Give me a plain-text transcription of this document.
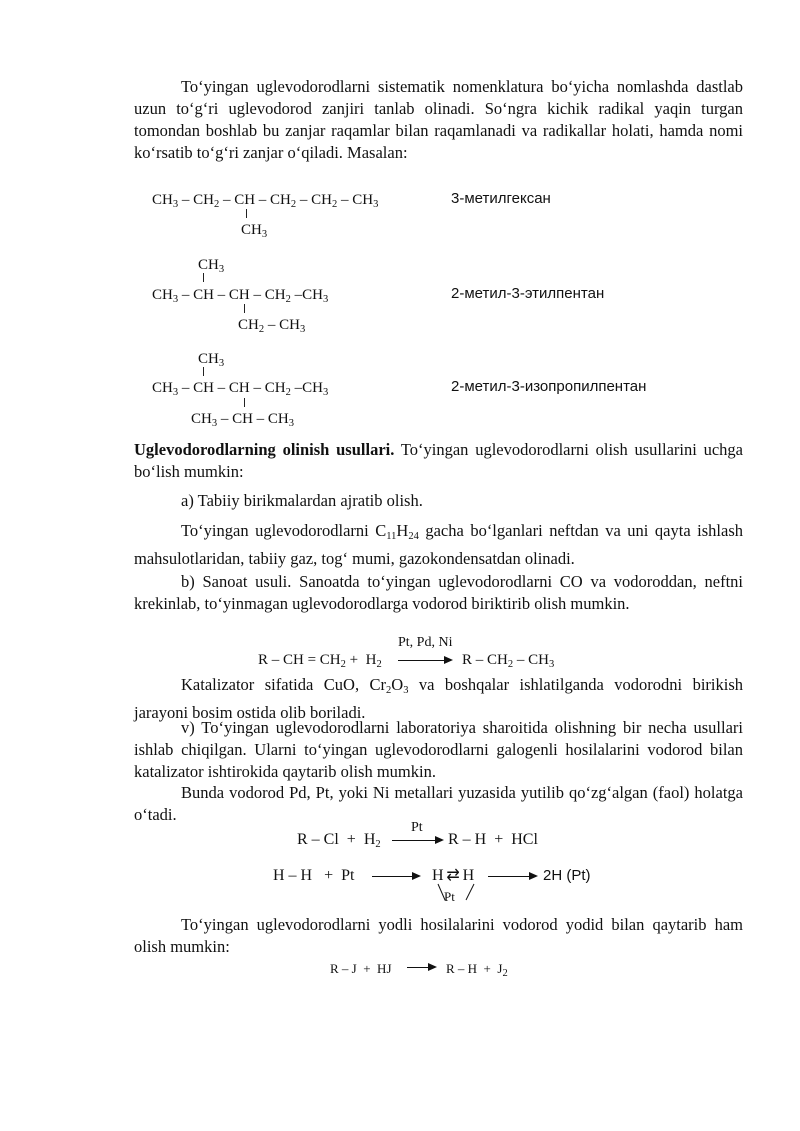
To‘yingan uglevodorodlarni sistematik nomenklatura bo‘yicha nomlashda dastlab uzun to‘g‘ri uglevodorod zanjiri tanlab olinadi. So‘ngra kichik radikal yaqin turgan tomondan boshlab bu zanjar raqamlar bilan raqamlanadi va radikallar holati, hamda nomi ko‘rsatib to‘g‘ri zanjar o‘qiladi. Masalan:
$CH_3 - CH_2$ – CH – $CH_2 - CH_2 - CH_3$
$CH_3$
3-метилгексан
$CH_3$
$CH_3$ – CH – CH – $CH_2$ $-CH_3$
$CH_2 - CH_3$
2-метил-3-этилпентан
$CH_3$
$CH_3$ – CH – CH – $CH_2$ $-CH_3$
$CH_3$ – CH – $CH_3$
2-метил-3-изопропилпентан
Uglevodorodlarning olinish usullari. To‘yingan uglevodorodlarni olish usullarini uchga bo‘lish mumkin:
a) Tabiiy birikmalardan ajratib olish.
To‘yingan uglevodorodlarni $C_{11}H_{24}$ gacha bo‘lganlari neftdan va uni qayta ishlash mahsulotlaridan, tabiiy gaz, tog‘ mumi, gazokondensatdan olinadi.
b) Sanoat usuli. Sanoatda to‘yingan uglevodorodlarni CO va vodoroddan, neftni krekinlab, to‘yinmagan uglevodorodlarga vodorod biriktirib olish mumkin.
R – CH = $CH_2 + H_2$
Pt, Pd, Ni
→ R – $CH_2 - CH_3$
Katalizator sifatida CuO, $Cr_2O_3$ va boshqalar ishlatilganda vodorodni birikish jarayoni bosim ostida olib boriladi.
v) To‘yingan uglevodorodlarni laboratoriya sharoitida olishning bir necha usullari ishlab chiqilgan. Ularni to‘yingan uglevodorodlarni galogenli hosilalarini vodorod bilan katalizator ishtirokida qaytarib olish mumkin.
Bunda vodorod Pd, Pt, yoki Ni metallari yuzasida yutilib qo‘zg‘algan (faol) holatga o‘tadi.
$R - Cl + H_2$
Pt
→ R – H  +  HCl
H – H   +  Pt → H ⇄ H
Pt
→ 2H (Pt)
To‘yingan uglevodorodlarni yodli hosilalarini vodorod yodid bilan qaytarib ham olish mumkin:
R – J  +  HJ → $R - H + J_2$
